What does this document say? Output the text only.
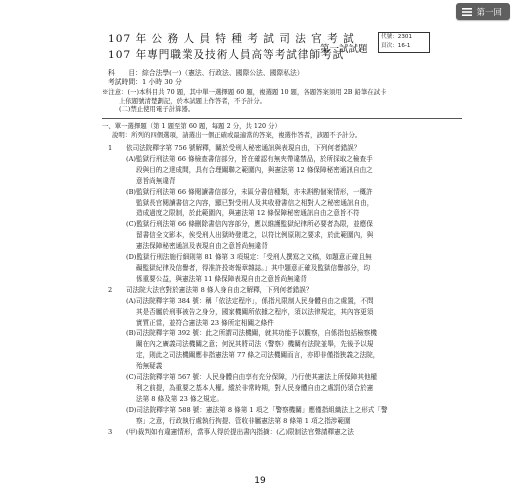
第一回
107 年 公 務 人 員 特 種 考 試 司 法 官 考 試
107 年專門職業及技術人員高等考試律師考試
第一試試題
代號：2301
頁次：16-1
科　　目：綜合法學(一)（憲法、行政法、國際公法、國際私法）
考試時間：1 小時 30 分
※注意：(一)本科目共 70 題，其中單一選擇題 60 題，複選題 10 題，各題答案須用 2B 鉛筆在試卡
上依題號清楚劃記，於本試題上作答者，不予計分。
(二)禁止使用電子計算器。
一、單一選擇題（第 1 題至第 60 題，每題 2 分，共 120 分）
說明：所列的四個選項，請選出一個正確或最適當的答案，複選作答者，該題不予計分。
1	依司法院釋字第 756 號解釋，關於受刑人秘密通訊與表現自由，下列何者錯誤？
(A)監獄行刑法第 66 條檢查書信部分，旨在確認有無夾帶違禁品，於所採取之檢查手
段與目的之達成間，具有合理關聯之範圍內，與憲法第 12 條保障秘密通訊自由之
意旨尚無違背
(B)監獄行刑法第 66 條閱讀書信部分，未區分書信種類，亦未斟酌個案情形，一概許
監獄長官閱讀書信之內容，顯已對受刑人及其收發書信之相對人之秘密通訊自由，
造成過度之限制，於此範圍內，與憲法第 12 條保障秘密通訊自由之意旨不符
(C)監獄行刑法第 66 條刪除書信內容部分，應以維護監獄紀律所必要者為限，並應保
留書信全文影本，俟受刑人出獄時發還之，以符比例原則之要求，於此範圍內，與
憲法保障秘密通訊及表現自由之意旨尚無違背
(D)監獄行刑法施行細則第 81 條第 3 項規定：「受刑人撰寫之文稿，如題意正確且無
礙監獄紀律及信譽者，得准許投寄報章雜誌。」其中題意正確及監獄信譽部分，均
係重要公益，與憲法第 11 條保障表現自由之意旨尚無違背
2	司法院大法官對於憲法第 8 條人身自由之解釋，下列何者錯誤？
(A)司法院釋字第 384 號：稱「依法定程序」，係指凡限制人民身體自由之處置，不問
其是否屬於刑事被告之身分，國家機關所依據之程序，須以法律規定，其內容更須
實質正當，並符合憲法第 23 條所定相關之條件
(B)司法院釋字第 392 號：此之所謂司法機關，就其功能予以觀察，自係指包括檢察機
關在內之廣義司法機關之意；何況其將司法（警察）機關有法院並舉，先後予以規
定，則此之司法機關應非指憲法第 77 條之司法機關而言，亦即非僅指狹義之法院，
殆無疑義
(C)司法院釋字第 567 號：人民身體自由享有充分保障，乃行使其憲法上所保障其他權
利之前提，為重要之基本人權。縱於非常時期，對人民身體自由之處罰仍須合於憲
法第 8 條及第 23 條之規定。
(D)司法院釋字第 588 號：憲法第 8 條第 1 項之「警察機關」應僅指組織法上之形式「警
察」之意，行政執行處執行拘提、管收非屬憲法第 8 條第 1 項之指涉範圍
3	(甲)裁判如有違憲情形，當事人得於提出書內指摘：(乙)限制法官聲請釋憲之法
19
